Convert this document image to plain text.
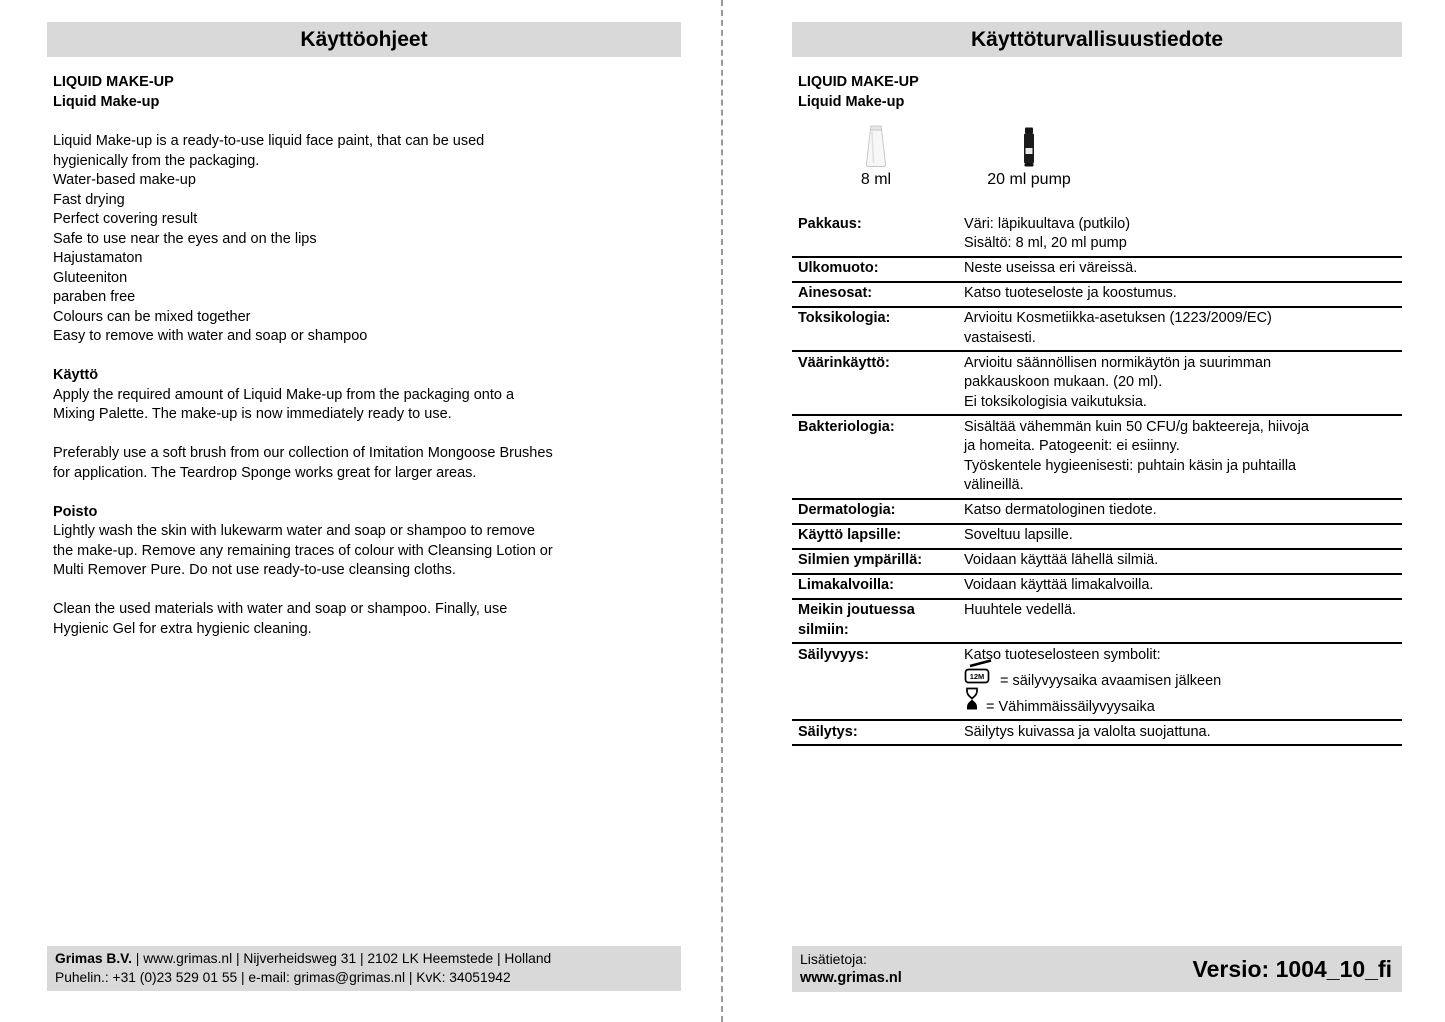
Käyttöohjeet
LIQUID MAKE-UP
Liquid Make-up
Liquid Make-up is a ready-to-use liquid face paint, that can be used
hygienically from the packaging.
Water-based make-up
Fast drying
Perfect covering result
Safe to use near the eyes and on the lips
Hajustamaton
Gluteeniton
paraben free
Colours can be mixed together
Easy to remove with water and soap or shampoo
Käyttö
Apply the required amount of Liquid Make-up from the packaging onto a
Mixing Palette. The make-up is now immediately ready to use.
Preferably use a soft brush from our collection of Imitation Mongoose Brushes
for application. The Teardrop Sponge works great for larger areas.
Poisto
Lightly wash the skin with lukewarm water and soap or shampoo to remove
the make-up. Remove any remaining traces of colour with Cleansing Lotion or
Multi Remover Pure. Do not use ready-to-use cleansing cloths.
Clean the used materials with water and soap or shampoo. Finally, use
Hygienic Gel for extra hygienic cleaning.
Grimas B.V. | www.grimas.nl | Nijverheidsweg 31 | 2102 LK Heemstede | Holland
Puhelin.: +31 (0)23 529 01 55 | e-mail: grimas@grimas.nl | KvK: 34051942
Käyttöturvallisuustiedote
LIQUID MAKE-UP
Liquid Make-up
8 ml	20 ml pump
Pakkaus:	Väri: läpikuultava (putkilo)
Sisältö: 8 ml, 20 ml pump
Ulkomuoto:	Neste useissa eri väreissä.
Ainesosat:	Katso tuoteseloste ja koostumus.
Toksikologia:	Arvioitu Kosmetiikka-asetuksen (1223/2009/EC)
vastaisesti.
Väärinkäyttö:	Arvioitu säännöllisen normikäytön ja suurimman
pakkauskoon mukaan. (20 ml).
Ei toksikologisia vaikutuksia.
Bakteriologia:	Sisältää vähemmän kuin 50 CFU/g bakteereja, hiivoja
ja homeita. Patogeenit: ei esiinny.
Työskentele hygieenisesti: puhtain käsin ja puhtailla
välineillä.
Dermatologia:	Katso dermatologinen tiedote.
Käyttö lapsille:	Soveltuu lapsille.
Silmien ympärillä:	Voidaan käyttää lähellä silmiä.
Limakalvoilla:	Voidaan käyttää limakalvoilla.
Meikin joutuessa silmiin:
Huuhtele vedellä.
Säilyvyys:	Katso tuoteselosteen symbolit:
12M = säilyvyysaika avaamisen jälkeen
= Vähimmäissäilyvyysaika
Säilytys:	Säilytys kuivassa ja valolta suojattuna.
Lisätietoja:
www.grimas.nl	Versio: 1004_10_fi
